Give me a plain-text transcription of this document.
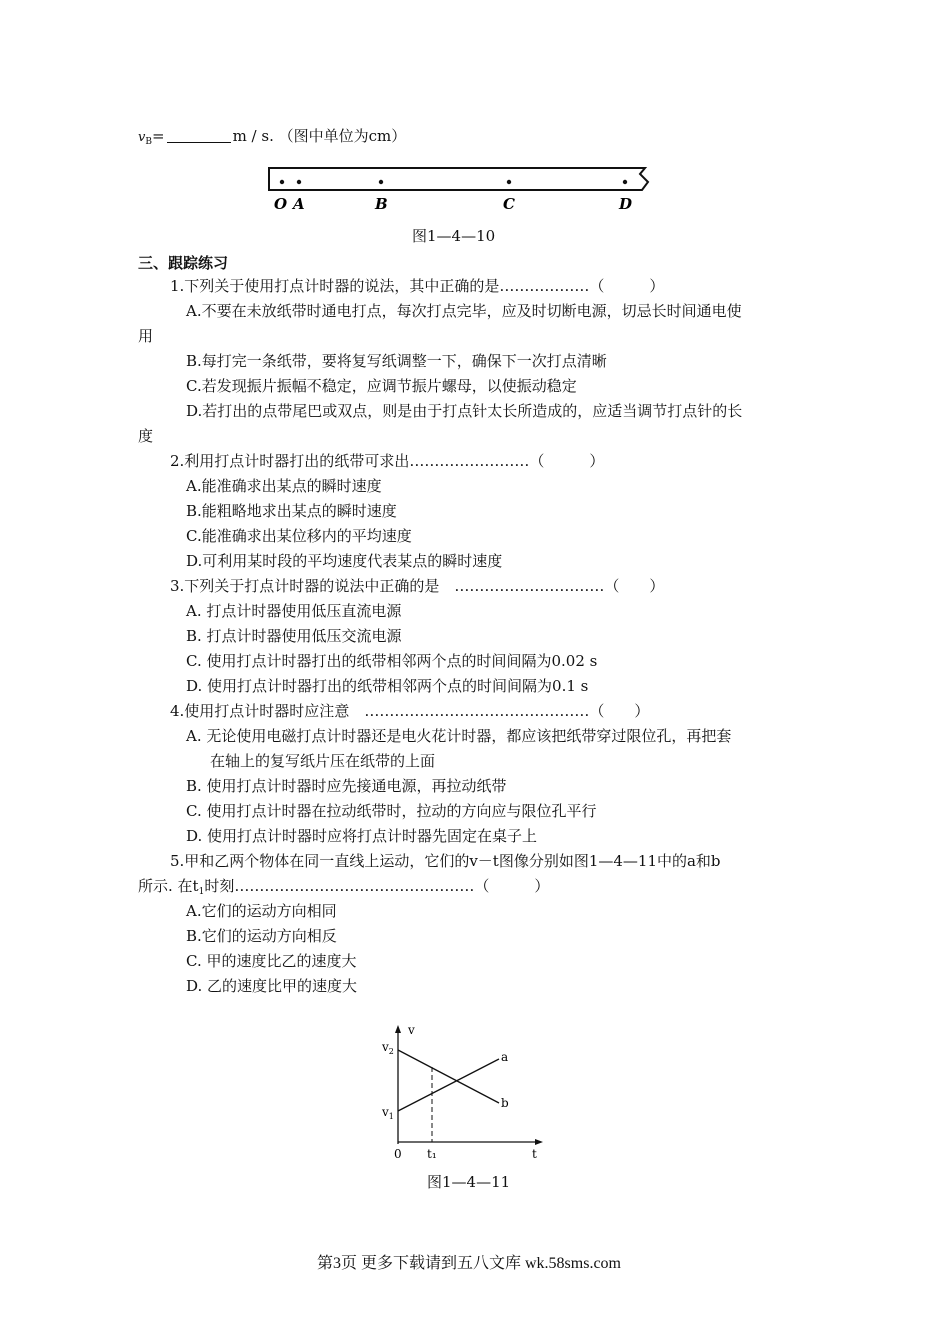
$v_B=$	m / s. （图中单位为cm）
O A	B	C	D
图1—4—10
三、跟踪练习
1.下列关于使用打点计时器的说法，其中正确的是………………（　　　）
A.不要在未放纸带时通电打点，每次打点完毕，应及时切断电源，切忌长时间通电使
用
B.每打完一条纸带，要将复写纸调整一下，确保下一次打点清晰
C.若发现振片振幅不稳定，应调节振片螺母，以使振动稳定
D.若打出的点带尾巴或双点，则是由于打点针太长所造成的，应适当调节打点针的长
度
2.利用打点计时器打出的纸带可求出……………………（　　　）
A.能准确求出某点的瞬时速度
B.能粗略地求出某点的瞬时速度
C.能准确求出某位移内的平均速度
D.可利用某时段的平均速度代表某点的瞬时速度
3.下列关于打点计时器的说法中正确的是　…………………………（　　）
A. 打点计时器使用低压直流电源
B. 打点计时器使用低压交流电源
C. 使用打点计时器打出的纸带相邻两个点的时间间隔为0.02 s
D. 使用打点计时器打出的纸带相邻两个点的时间间隔为0.1 s
4.使用打点计时器时应注意　………………………………………（　　）
A. 无论使用电磁打点计时器还是电火花计时器，都应该把纸带穿过限位孔，再把套
在轴上的复写纸片压在纸带的上面
B. 使用打点计时器时应先接通电源，再拉动纸带
C. 使用打点计时器在拉动纸带时，拉动的方向应与限位孔平行
D. 使用打点计时器时应将打点计时器先固定在桌子上
5.甲和乙两个物体在同一直线上运动，它们的v－t图像分别如图1—4—11中的a和b
所示. 在$t_1$时刻…………………………………………（　　　）
A.它们的运动方向相同
B.它们的运动方向相反
C. 甲的速度比乙的速度大
D. 乙的速度比甲的速度大
v
$v_2$
$v_1$
a
b
0 t₁	t
图1—4—11
第3页 更多下载请到五八文库 wk.58sms.com
